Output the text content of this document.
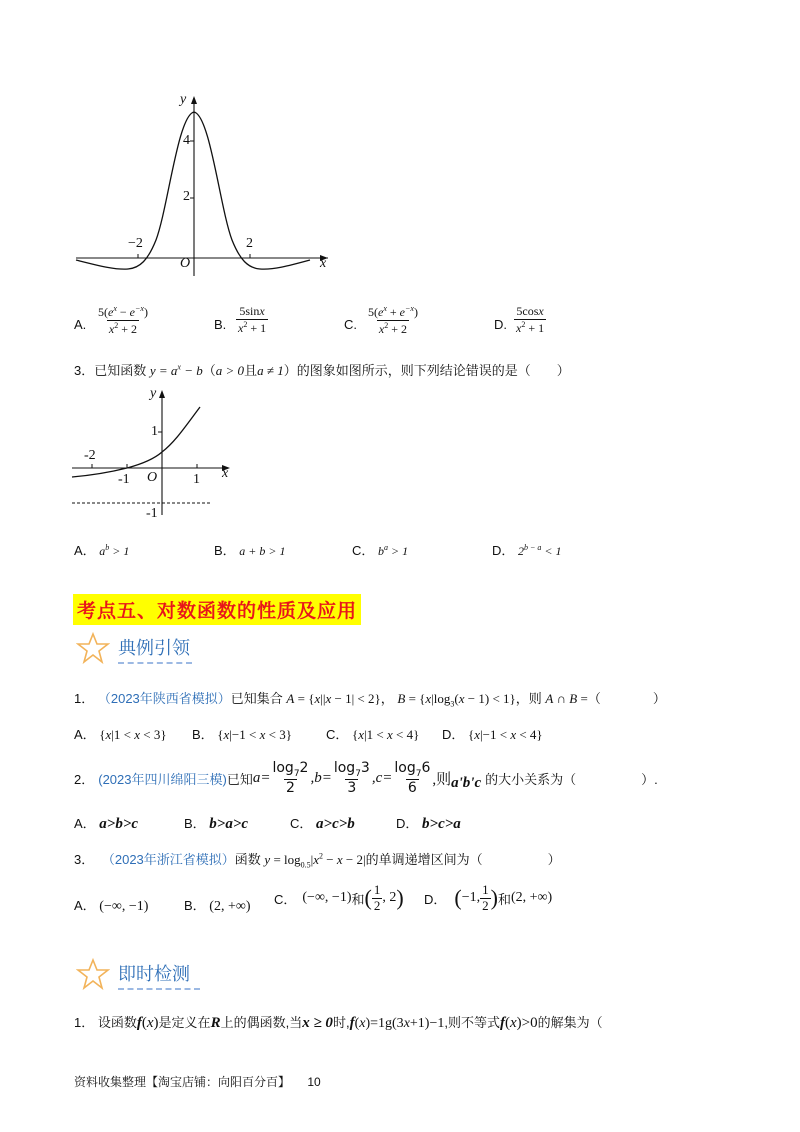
y
x
O
4
2
−2	2
A. $\frac{5(e^x - e^{-x})}{x^2 + 2}$	B. $\frac{5\sin x}{x^2 + 1}$	C. $\frac{5(e^x + e^{-x})}{x^2 + 2}$	D. $\frac{5\cos x}{x^2 + 1}$
3．已知函数 $y = a^x - b(a > 0$且a ≠ 1）的图象如图所示，则下列结论错误的是（　　）
y
x
O
1
-2
-1	1
-1
A． $a^b > 1$	B． a + b > 1	C． $b^a > 1$	D． $2^{b - a} < 1$
考点五、对数函数的性质及应用
典例引领
1． （2023年陕西省模拟）已知集合 A = {x||x − 1| < 2}， $B = \{x|\log_3(x - 1) < 1\}$，则 A ∩ B =（　　　　）
A． {x|1 < x < 3} B． {x|−1 < x < 3}	C． {x|1 < x < 4} D． {x|−1 < x < 4}
2． (2023年四川绵阳三模) 已知 $a= \frac{\log_72}{2} ,b= \frac{\log_73}{3} ,c= \frac{\log_76}{6}$ ,则 a'b'c 的大小关系为（　　　　　）.
A． a>b>c	B． b>a>c	C． a>c>b	D． b>c>a
3． （2023年浙江省模拟）函数 $y = \log_{0.5}|x^2 - x - 2|$的单调递增区间为（　　　　　）
A． (−∞, −1)	B． (2, +∞) C． (−∞, −1) 和 ( $\frac{1}{2}$ , 2 ) D． ( −1, $\frac{1}{2}$ ) 和 (2, +∞)
即时检测
1． 设函数f(x)是定义在R上的偶函数,当x ≥ 0时,f(x)=1g(3x+1)−1,则不等式f(x)>0的解集为（
资料收集整理【淘宝店铺：向阳百分百】 10
